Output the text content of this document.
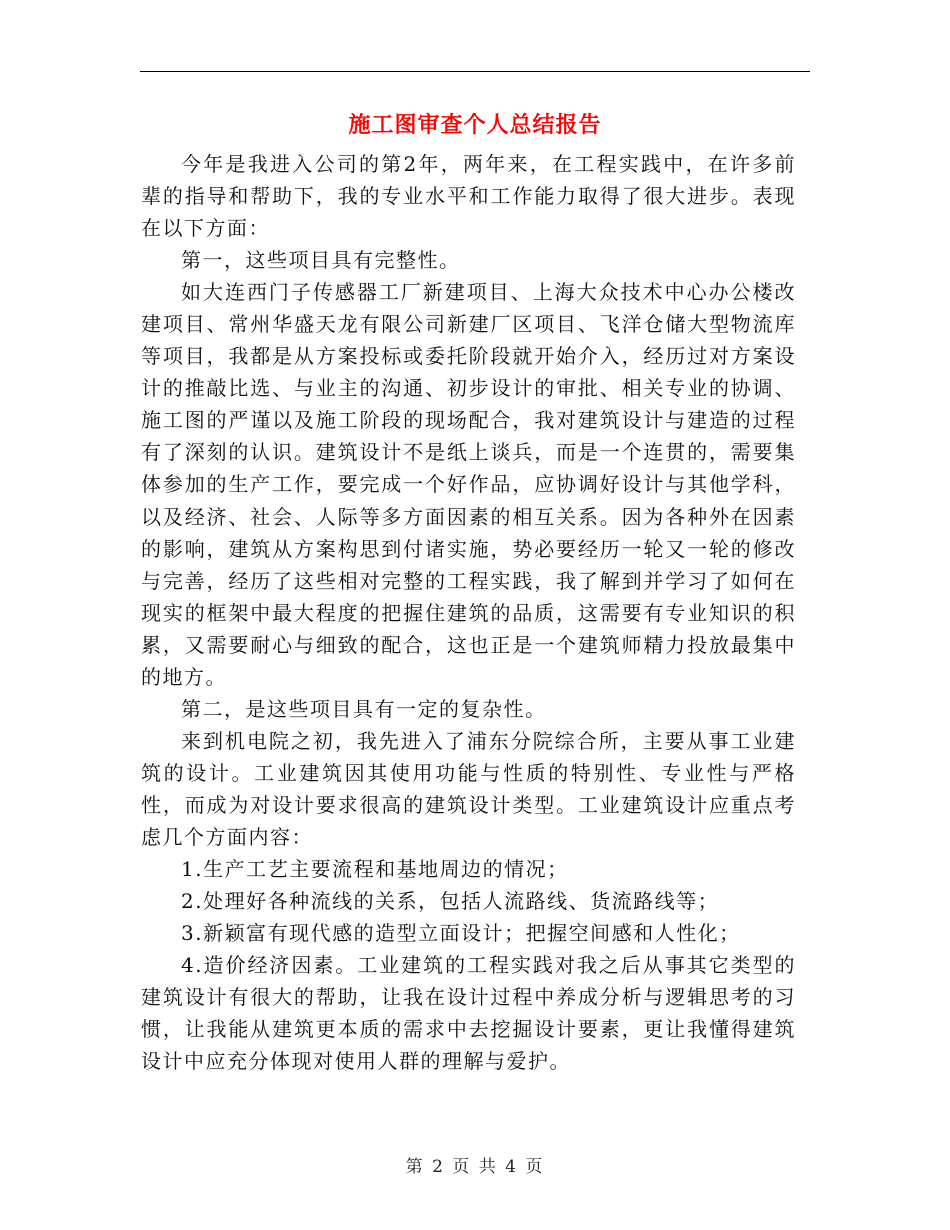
施工图审查个人总结报告

今年是我进入公司的第2年，两年来，在工程实践中，在许多前辈的指导和帮助下，我的专业水平和工作能力取得了很大进步。表现在以下方面：

第一，这些项目具有完整性。

如大连西门子传感器工厂新建项目、上海大众技术中心办公楼改建项目、常州华盛天龙有限公司新建厂区项目、飞洋仓储大型物流库等项目，我都是从方案投标或委托阶段就开始介入，经历过对方案设计的推敲比选、与业主的沟通、初步设计的审批、相关专业的协调、施工图的严谨以及施工阶段的现场配合，我对建筑设计与建造的过程有了深刻的认识。建筑设计不是纸上谈兵，而是一个连贯的，需要集体参加的生产工作，要完成一个好作品，应协调好设计与其他学科，以及经济、社会、人际等多方面因素的相互关系。因为各种外在因素的影响，建筑从方案构思到付诸实施，势必要经历一轮又一轮的修改与完善，经历了这些相对完整的工程实践，我了解到并学习了如何在现实的框架中最大程度的把握住建筑的品质，这需要有专业知识的积累，又需要耐心与细致的配合，这也正是一个建筑师精力投放最集中的地方。

第二，是这些项目具有一定的复杂性。

来到机电院之初，我先进入了浦东分院综合所，主要从事工业建筑的设计。工业建筑因其使用功能与性质的特别性、专业性与严格性，而成为对设计要求很高的建筑设计类型。工业建筑设计应重点考虑几个方面内容：

1.生产工艺主要流程和基地周边的情况；

2.处理好各种流线的关系，包括人流路线、货流路线等；

3.新颖富有现代感的造型立面设计；把握空间感和人性化；

4.造价经济因素。工业建筑的工程实践对我之后从事其它类型的建筑设计有很大的帮助，让我在设计过程中养成分析与逻辑思考的习惯，让我能从建筑更本质的需求中去挖掘设计要素，更让我懂得建筑设计中应充分体现对使用人群的理解与爱护。

第 2 页 共 4 页
